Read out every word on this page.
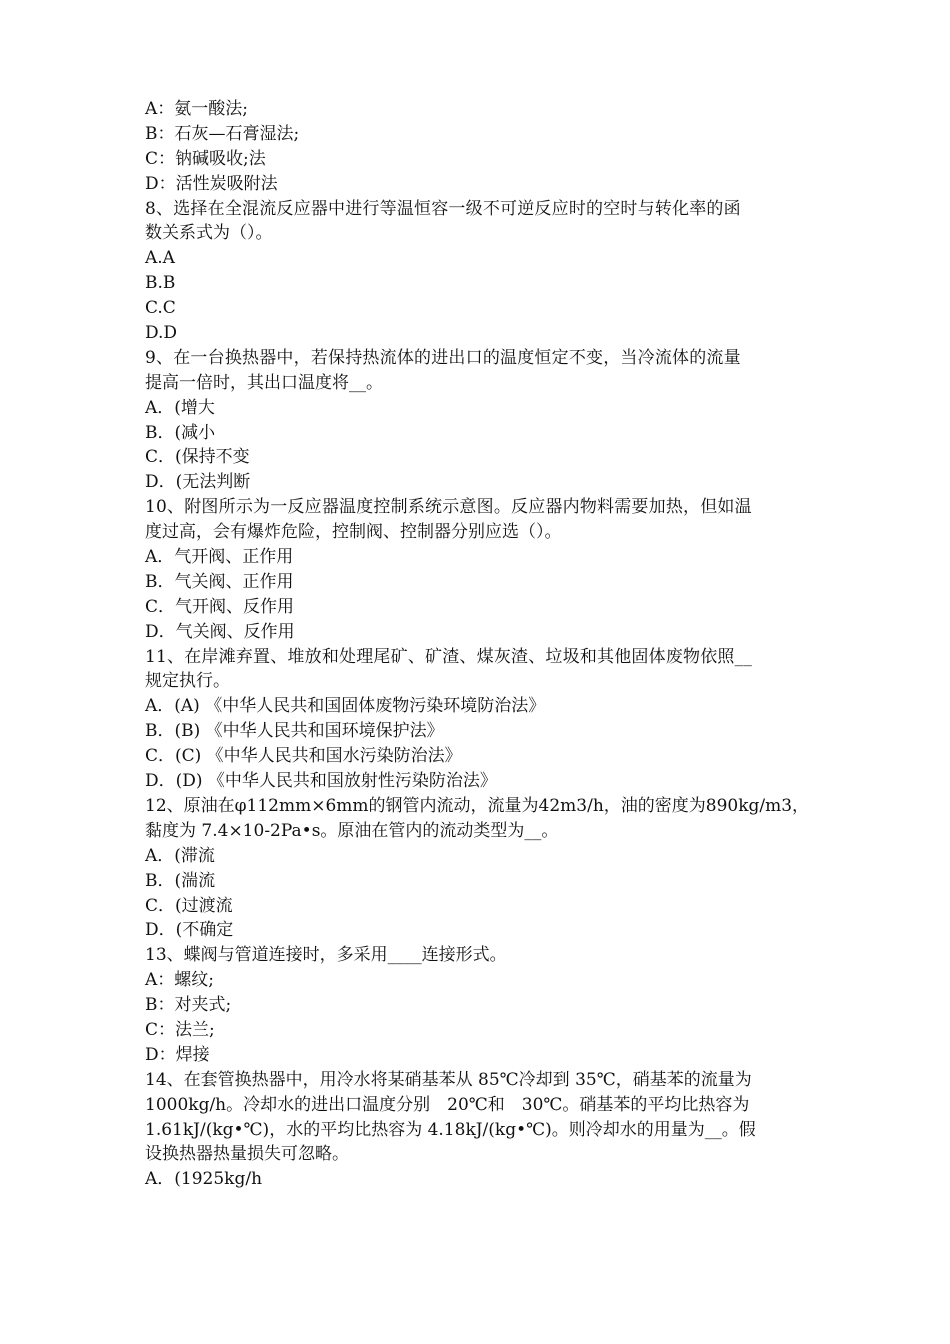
A：氨一酸法;
B：石灰—石膏湿法;
C：钠碱吸收;法
D：活性炭吸附法
8、选择在全混流反应器中进行等温恒容一级不可逆反应时的空时与转化率的函
数关系式为（）。
A.A
B.B
C.C
D.D
9、在一台换热器中，若保持热流体的进出口的温度恒定不变，当冷流体的流量
提高一倍时，其出口温度将__。
A．(增大
B．(减小
C．(保持不变
D．(无法判断
10、附图所示为一反应器温度控制系统示意图。反应器内物料需要加热，但如温
度过高，会有爆炸危险，控制阀、控制器分别应选（）。
A．气开阀、正作用
B．气关阀、正作用
C．气开阀、反作用
D．气关阀、反作用
11、在岸滩弃置、堆放和处理尾矿、矿渣、煤灰渣、垃圾和其他固体废物依照__
规定执行。
A．(A) 《中华人民共和国固体废物污染环境防治法》
B．(B) 《中华人民共和国环境保护法》
C．(C) 《中华人民共和国水污染防治法》
D．(D) 《中华人民共和国放射性污染防治法》
12、原油在φ112mm×6mm的钢管内流动，流量为42m3/h，油的密度为890kg/m3，
黏度为 7.4×10-2Pa•s。原油在管内的流动类型为__。
A．(滞流
B．(湍流
C．(过渡流
D．(不确定
13、蝶阀与管道连接时，多采用____连接形式。
A：螺纹;
B：对夹式;
C：法兰;
D：焊接
14、在套管换热器中，用冷水将某硝基苯从 85℃冷却到 35℃，硝基苯的流量为
1000kg/h。冷却水的进出口温度分别　20℃和　30℃。硝基苯的平均比热容为
1.61kJ/(kg•℃)，水的平均比热容为 4.18kJ/(kg•℃)。则冷却水的用量为__。假
设换热器热量损失可忽略。
A．(1925kg/h
